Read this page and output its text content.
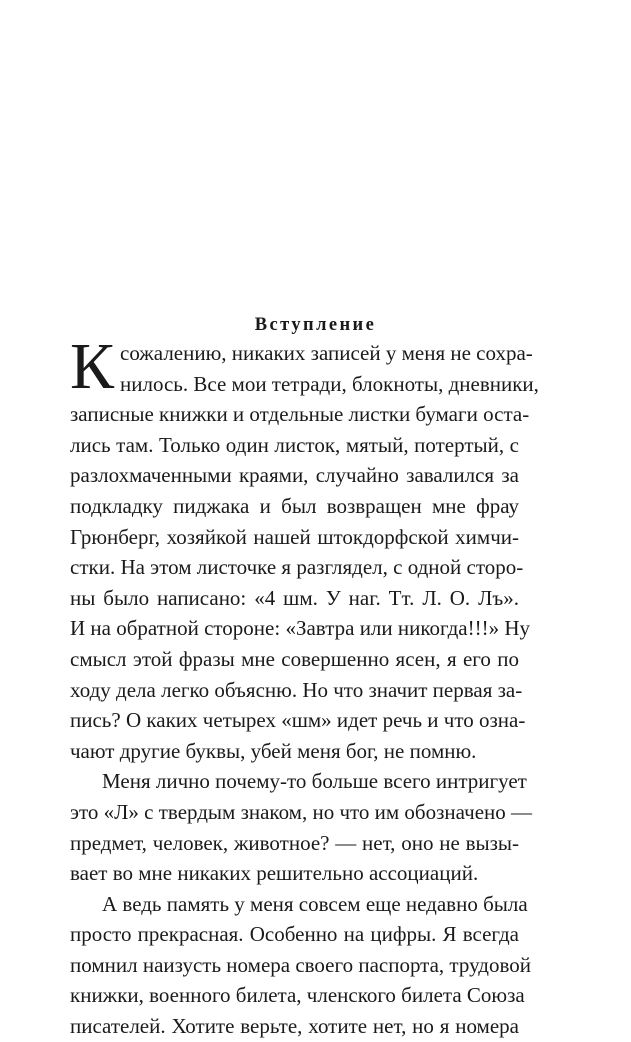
Вступление
К сожалению, никаких записей у меня не сохра-
нилось. Все мои тетради, блокноты, дневники,
записные книжки и отдельные листки бумаги оста-
лись там. Только один листок, мятый, потертый, с
разлохмаченными краями, случайно завалился за
подкладку пиджака и был возвращен мне фрау
Грюнберг, хозяйкой нашей штокдорфской химчи-
стки. На этом листочке я разглядел, с одной сторо-
ны было написано: «4 шм. У наг. Тт. Л. О. Лъ».
И на обратной стороне: «Завтра или никогда!!!» Ну
смысл этой фразы мне совершенно ясен, я его по
ходу дела легко объясню. Но что значит первая за-
пись? О каких четырех «шм» идет речь и что озна-
чают другие буквы, убей меня бог, не помню.
Меня лично почему-то больше всего интригует
это «Л» с твердым знаком, но что им обозначено —
предмет, человек, животное? — нет, оно не вызы-
вает во мне никаких решительно ассоциаций.
А ведь память у меня совсем еще недавно была
просто прекрасная. Особенно на цифры. Я всегда
помнил наизусть номера своего паспорта, трудовой
книжки, военного билета, членского билета Союза
писателей. Хотите верьте, хотите нет, но я номера
